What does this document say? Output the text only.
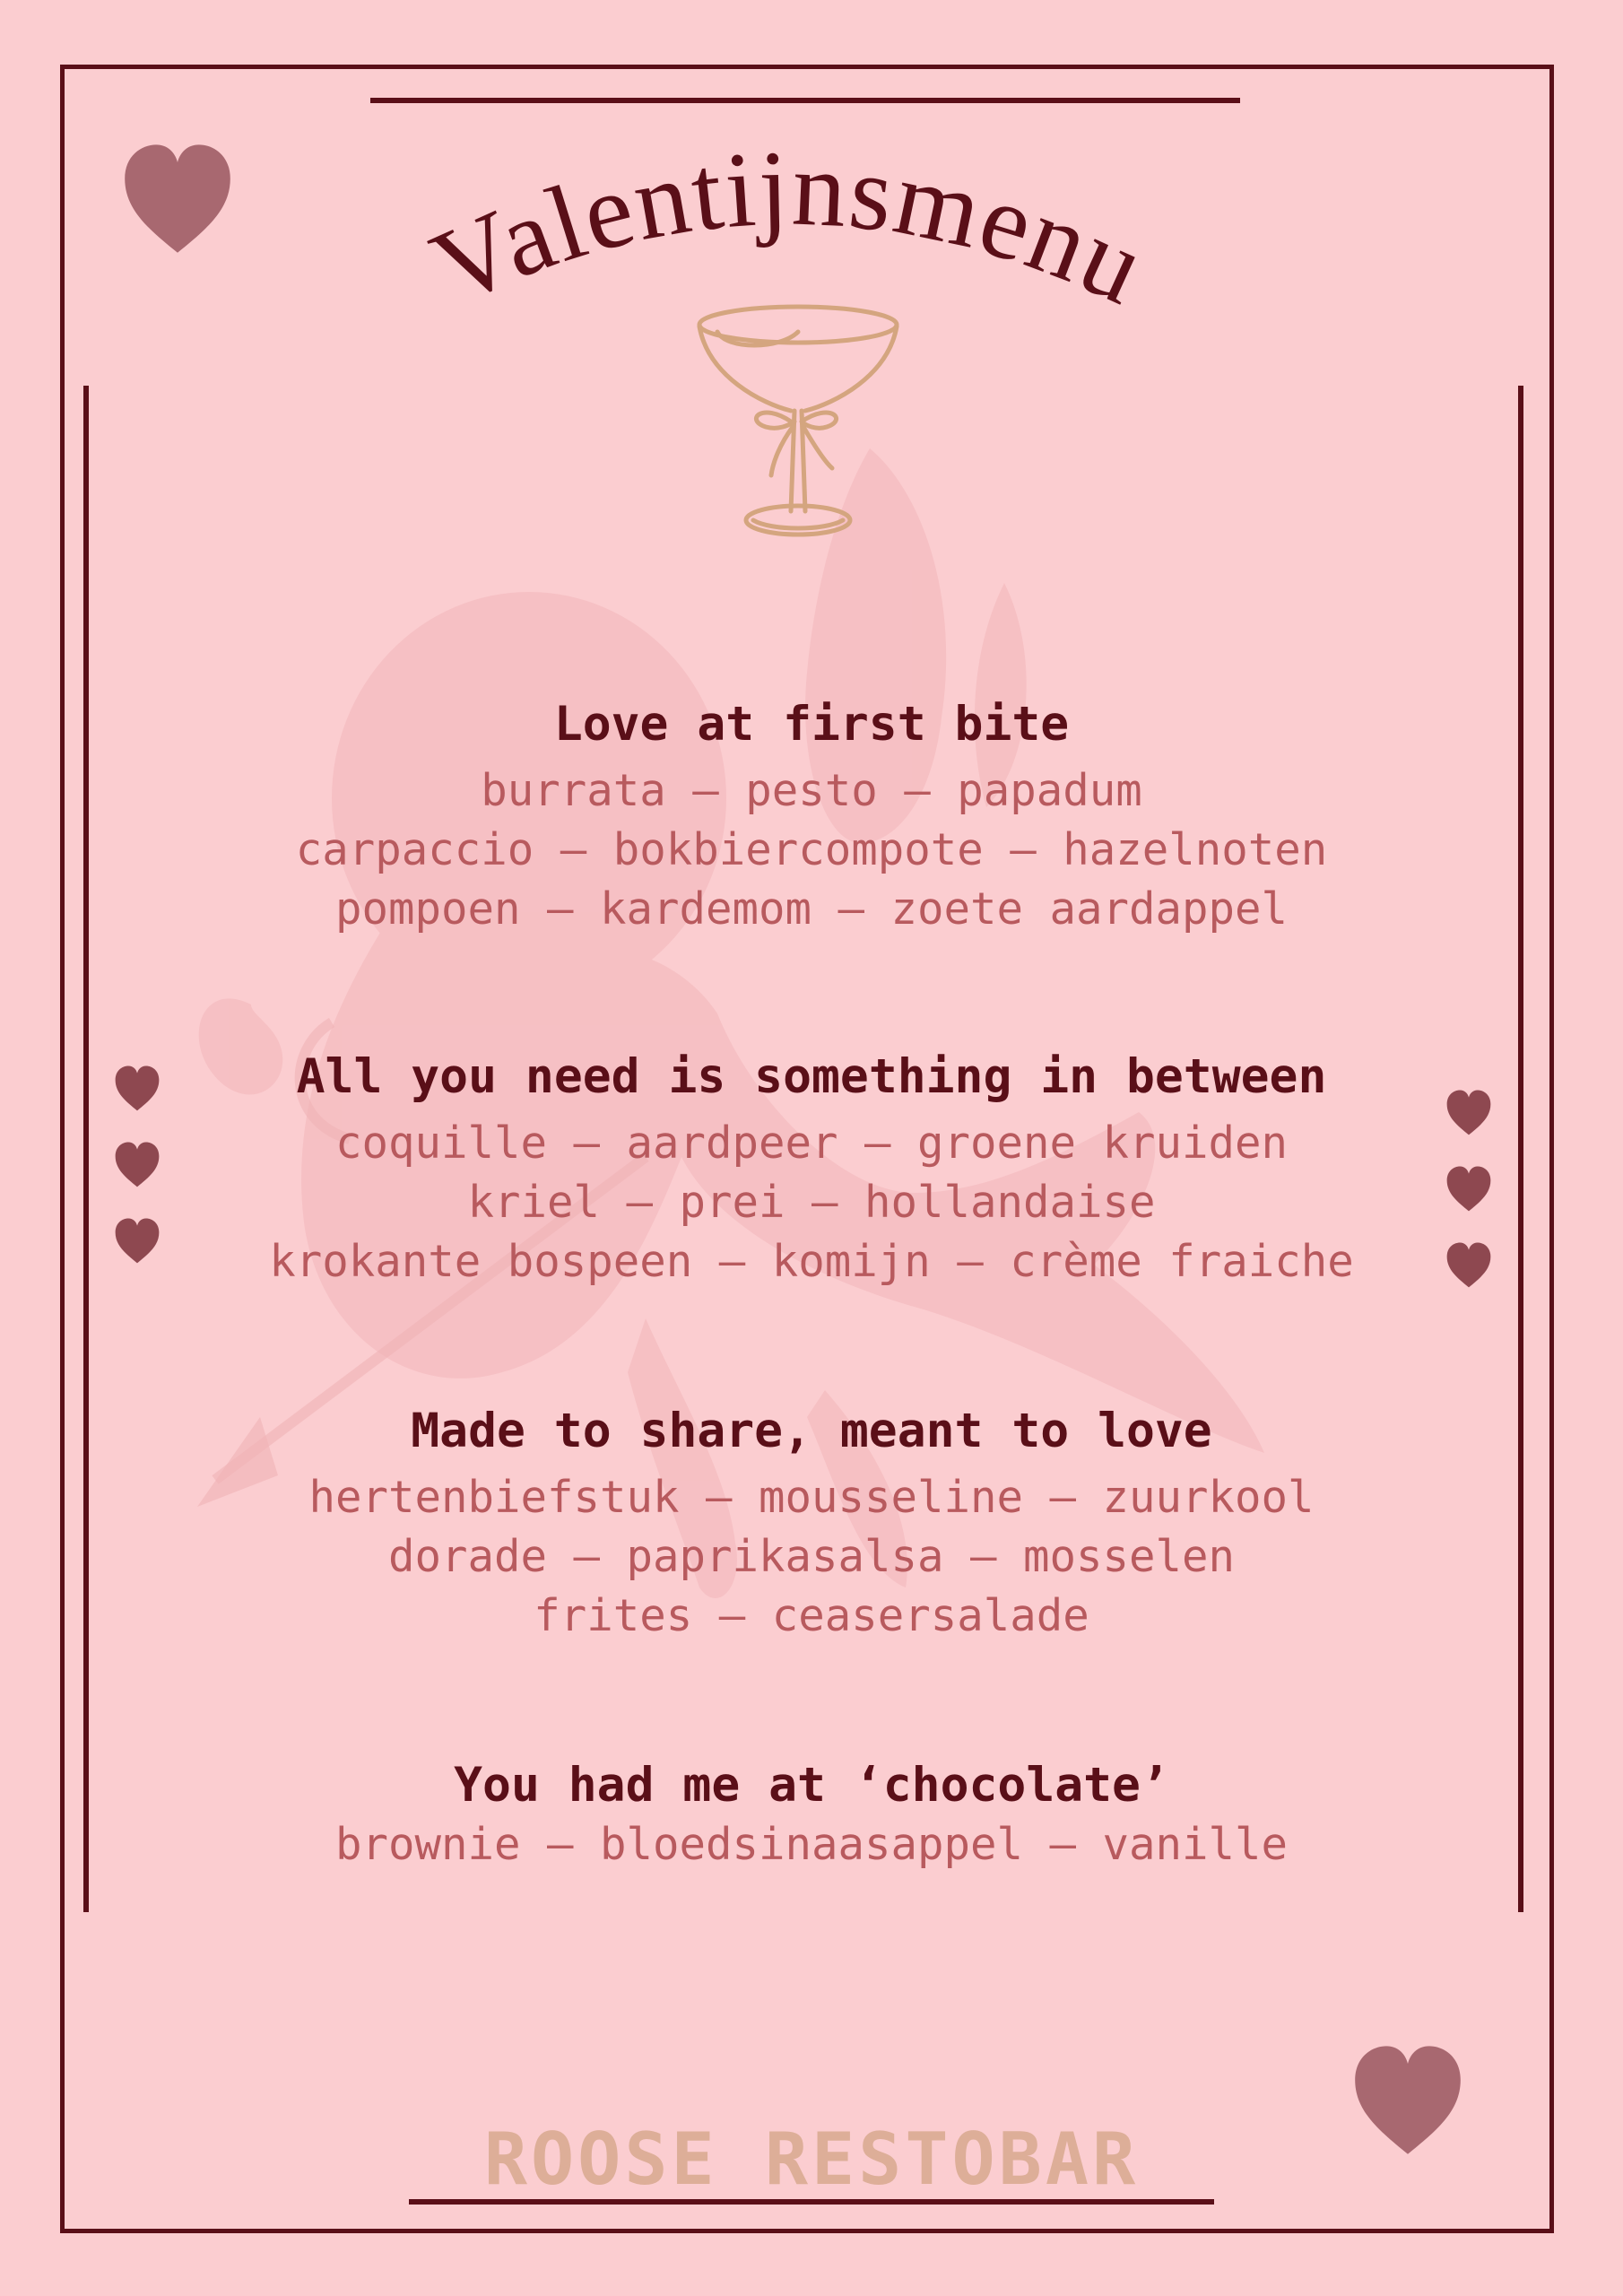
Valentijnsmenu
Love at first bite
burrata – pesto – papadum
carpaccio – bokbiercompote – hazelnoten
pompoen – kardemom – zoete aardappel
All you need is something in between
coquille – aardpeer – groene kruiden
kriel – prei – hollandaise
krokante bospeen – komijn – crème fraiche
Made to share, meant to love
hertenbiefstuk – mousseline – zuurkool
dorade – paprikasalsa – mosselen
frites – ceasersalade
You had me at ‘chocolate’
brownie – bloedsinaasappel – vanille
ROOSE RESTOBAR
